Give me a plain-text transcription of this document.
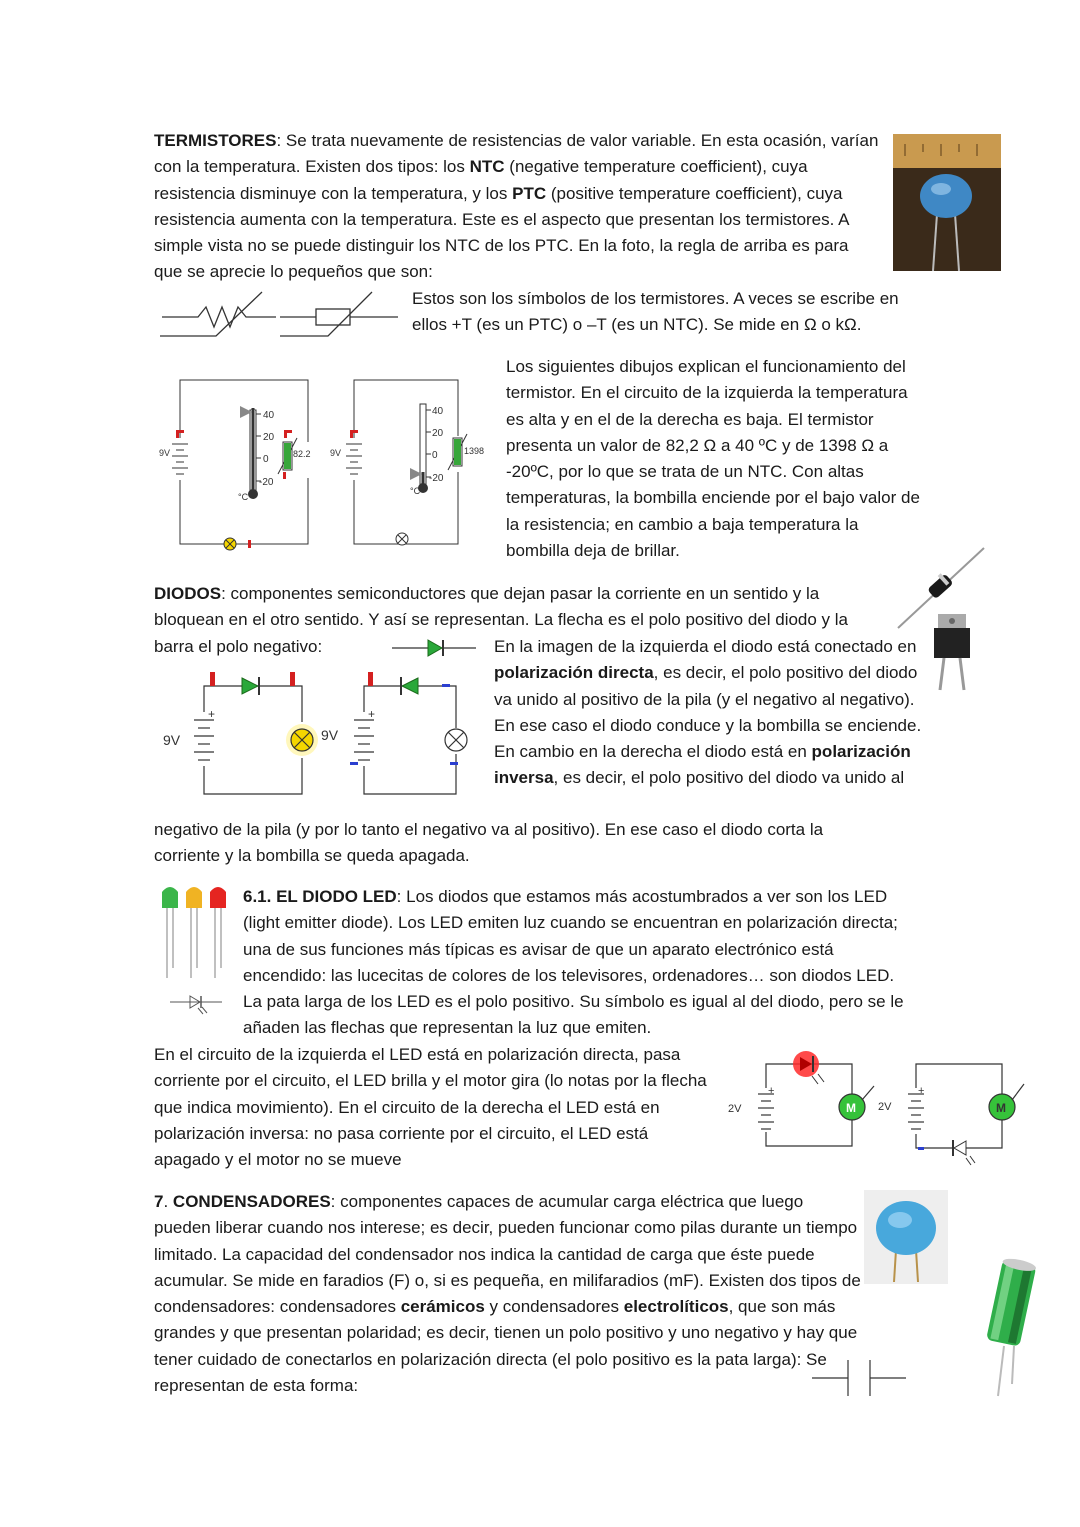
TERMISTORES: Se trata nuevamente de resistencias de valor variable. En esta ocasión, varían con la temperatura. Existen dos tipos: los NTC (negative temperature coefficient), cuya resistencia disminuye con la temperatura, y los PTC (positive temperature coefficient), cuya resistencia aumenta con la temperatura. Este es el aspecto que presentan los termistores. A simple vista no se puede distinguir los NTC de los PTC. En la foto, la regla de arriba es para que se aprecie lo pequeños que son:

Estos son los símbolos de los termistores. A veces se escribe en ellos +T (es un PTC) o –T (es un NTC). Se mide en Ω o kΩ.

9V
40
20
0
-20
°C
82.2 9V
40
20
0
-20
°C
1398

Los siguientes dibujos explican el funcionamiento del termistor. En el circuito de la izquierda la temperatura es alta y en el de la derecha es baja. El termistor presenta un valor de 82,2 Ω a 40 ºC y de 1398 Ω a -20ºC, por lo que se trata de un NTC. Con altas temperaturas, la bombilla enciende por el bajo valor de la resistencia; en cambio a baja temperatura la bombilla deja de brillar.

DIODOS: componentes semiconductores que dejan pasar la corriente en un sentido y la bloquean en el otro sentido. Y así se representan. La flecha es el polo positivo del diodo y la barra el polo negativo:

+
9V
+
9V

En la imagen de la izquierda el diodo está conectado en polarización directa, es decir, el polo positivo del diodo va unido al positivo de la pila (y el negativo al negativo). En ese caso el diodo conduce y la bombilla se enciende. En cambio en la derecha el diodo está en polarización inversa, es decir, el polo positivo del diodo va unido al

negativo de la pila (y por lo tanto el negativo va al positivo). En ese caso el diodo corta la corriente y la bombilla se queda apagada.

6.1. EL DIODO LED: Los diodos que estamos más acostumbrados a ver son los LED (light emitter diode). Los LED emiten luz cuando se encuentran en polarización directa; una de sus funciones más típicas es avisar de que un aparato electrónico está encendido: las lucecitas de colores de los televisores, ordenadores… son diodos LED. La pata larga de los LED es el polo positivo. Su símbolo es igual al del diodo, pero se le añaden las flechas que representan la luz que emiten.

En el circuito de la izquierda el LED está en polarización directa, pasa corriente por el circuito, el LED brilla y el motor gira (lo notas por la flecha que indica movimiento). En el circuito de la derecha el LED está en polarización inversa: no pasa corriente por el circuito, el LED está apagado y el motor no se mueve

M
+
2V	M
+
2V

7. CONDENSADORES: componentes capaces de acumular carga eléctrica que luego pueden liberar cuando nos interese; es decir, pueden funcionar como pilas durante un tiempo limitado. La capacidad del condensador nos indica la cantidad de carga que éste puede acumular. Se mide en faradios (F) o, si es pequeña, en milifaradios (mF). Existen dos tipos de condensadores: condensadores cerámicos y condensadores electrolíticos, que son más grandes y que presentan polaridad; es decir, tienen un polo positivo y uno negativo y hay que tener cuidado de conectarlos en polarización directa (el polo positivo es la pata larga): Se representan de esta forma:
